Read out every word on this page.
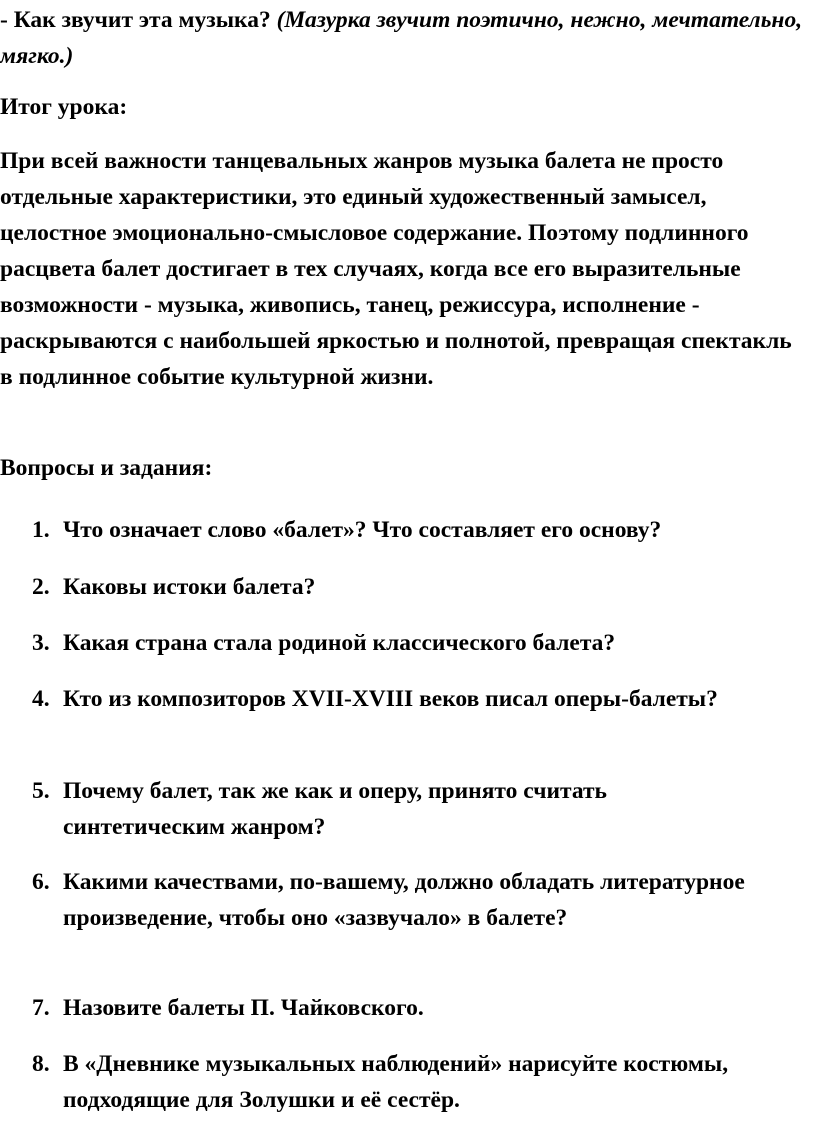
- Как звучит эта музыка? (Мазурка звучит поэтично, нежно, мечтательно, мягко.)

Итог урока:

При всей важности танцевальных жанров музыка балета не просто отдельные характеристики, это единый художественный замысел, целостное эмоционально-смысловое содержание. Поэтому подлинного расцвета балет достигает в тех случаях, когда все его выразительные возможности - музыка, живопись, танец, режиссура, исполнение - раскрываются с наибольшей яркостью и полнотой, превращая спектакль в подлинное событие культурной жизни.

Вопросы и задания:

1. Что означает слово «балет»? Что составляет его основу?
2. Каковы истоки балета?
3. Какая страна стала родиной классического балета?
4. Кто из композиторов XVII-XVIII веков писал оперы-балеты?
5. Почему балет, так же как и оперу, принято считать синтетическим жанром?
6. Какими качествами, по-вашему, должно обладать литературное произведение, чтобы оно «зазвучало» в балете?
7. Назовите балеты П. Чайковского.
8. В «Дневнике музыкальных наблюдений» нарисуйте костюмы, подходящие для Золушки и её сестёр.
